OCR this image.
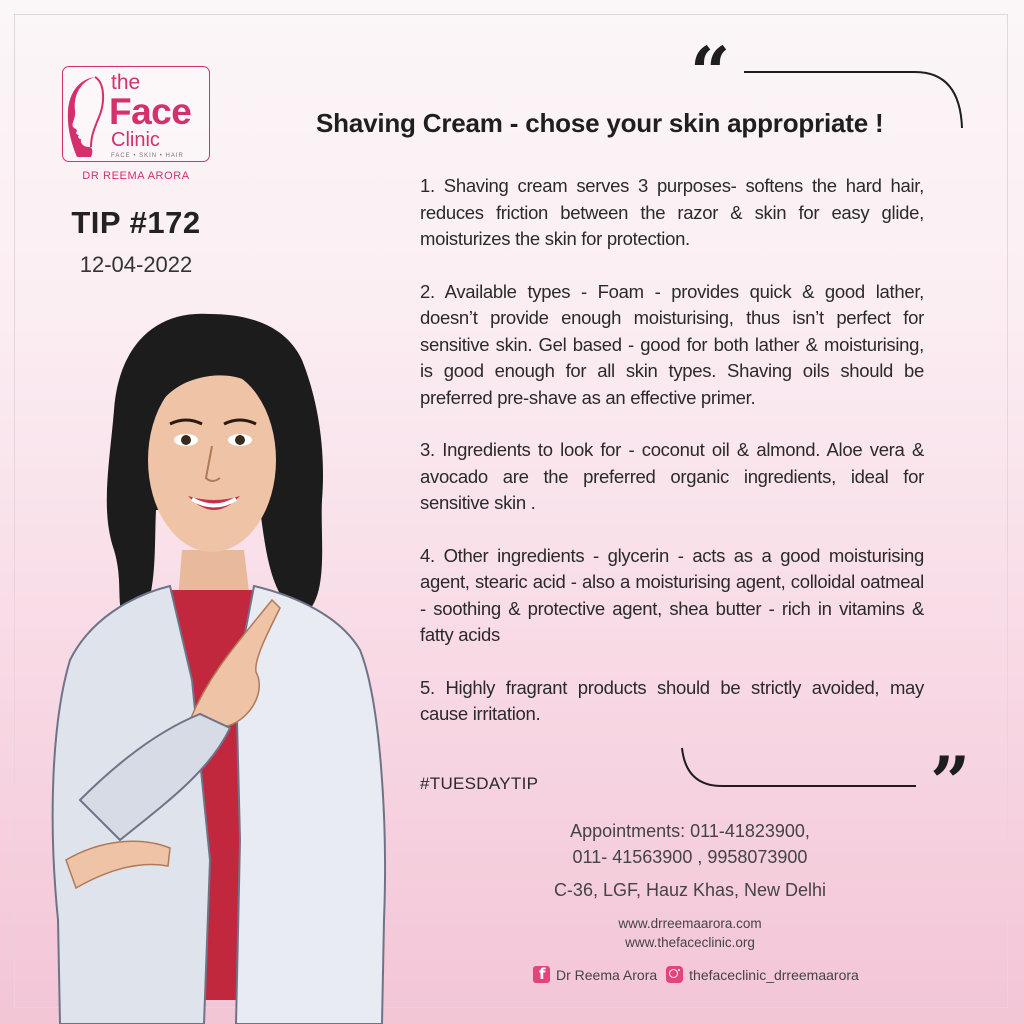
the
Face
Clinic
FACE • SKIN • HAIR
DR REEMA ARORA
TIP #172
12-04-2022
“
”
Shaving Cream - chose your skin appropriate !

1. Shaving cream serves 3 purposes- softens the hard hair, reduces friction between the razor & skin for easy glide, moisturizes the skin for protection.

2. Available types - Foam - provides quick & good lather, doesn’t provide enough moisturising, thus isn’t perfect for sensitive skin. Gel based - good for both lather & moisturising, is good enough for all skin types. Shaving oils should be preferred pre-shave as an effective primer.

3. Ingredients to look for - coconut oil & almond. Aloe vera & avocado are the preferred organic ingredients, ideal for sensitive skin .

4. Other ingredients - glycerin - acts as a good moisturising agent, stearic acid - also a moisturising agent, colloidal oatmeal - soothing & protective agent, shea butter - rich in vitamins & fatty acids

5. Highly fragrant products should be strictly avoided, may cause irritation.

#TUESDAYTIP
Appointments: 011-41823900,
011- 41563900 , 9958073900
C-36, LGF, Hauz Khas, New Delhi
www.drreemaarora.com
www.thefaceclinic.org
f
Dr Reema Arora thefaceclinic_drreemaarora
